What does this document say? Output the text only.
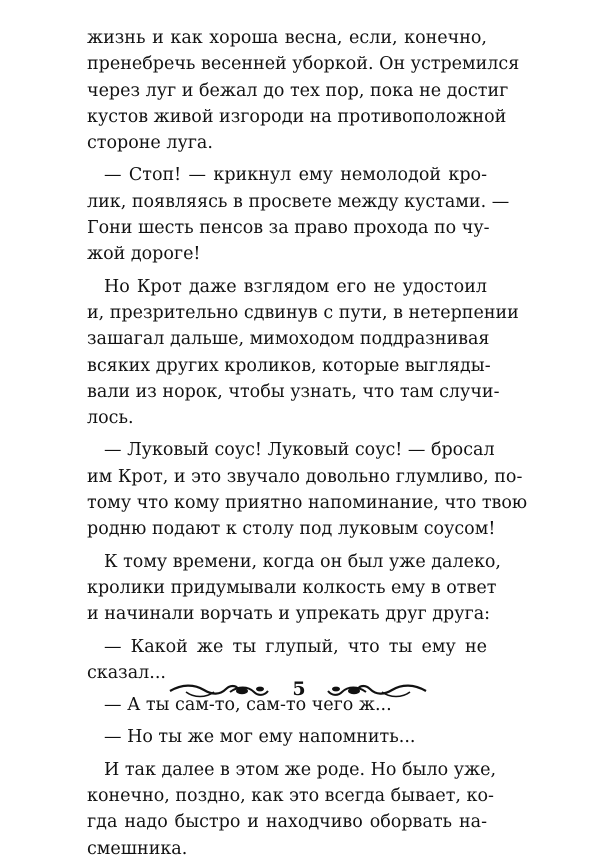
жизнь и как хороша весна, если, конечно,
пренебречь весенней уборкой. Он устремился
через луг и бежал до тех пор, пока не достиг
кустов живой изгороди на противоположной
стороне луга.

— Стоп! — крикнул ему немолодой кро-
лик, появляясь в просвете между кустами. —
Гони шесть пенсов за право прохода по чу-
жой дороге!

Но Крот даже взглядом его не удостоил
и, презрительно сдвинув с пути, в нетерпении
зашагал дальше, мимоходом поддразнивая
всяких других кроликов, которые выгляды-
вали из норок, чтобы узнать, что там случи-
лось.

— Луковый соус! Луковый соус! — бросал
им Крот, и это звучало довольно глумливо, по-
тому что кому приятно напоминание, что твою
родню подают к столу под луковым соусом!

К тому времени, когда он был уже далеко,
кролики придумывали колкость ему в ответ
и начинали ворчать и упрекать друг друга:

— Какой же ты глупый, что ты ему не
сказал...

— А ты сам-то, сам-то чего ж...

— Но ты же мог ему напомнить...

И так далее в этом же роде. Но было уже,
конечно, поздно, как это всегда бывает, ко-
гда надо быстро и находчиво оборвать на-
смешника.

5
